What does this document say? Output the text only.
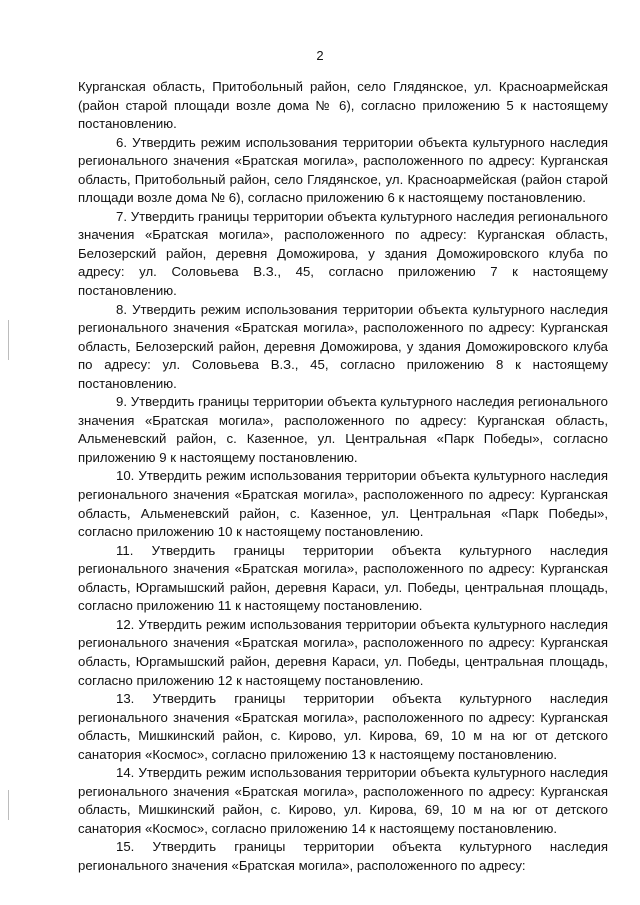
2

Курганская область, Притобольный район, село Глядянское, ул. Красноармейская (район старой площади возле дома № 6), согласно приложению 5 к настоящему постановлению.

6. Утвердить режим использования территории объекта культурного наследия регионального значения «Братская могила», расположенного по адресу: Курганская область, Притобольный район, село Глядянское, ул. Красноармейская (район старой площади возле дома № 6), согласно приложению 6 к настоящему постановлению.

7. Утвердить границы территории объекта культурного наследия регионального значения «Братская могила», расположенного по адресу: Курганская область, Белозерский район, деревня Доможирова, у здания Доможировского клуба по адресу: ул. Соловьева В.З., 45, согласно приложению 7 к настоящему постановлению.

8. Утвердить режим использования территории объекта культурного наследия регионального значения «Братская могила», расположенного по адресу: Курганская область, Белозерский район, деревня Доможирова, у здания Доможировского клуба по адресу: ул. Соловьева В.З., 45, согласно приложению 8 к настоящему постановлению.

9. Утвердить границы территории объекта культурного наследия регионального значения «Братская могила», расположенного по адресу: Курганская область, Альменевский район, с. Казенное, ул. Центральная «Парк Победы», согласно приложению 9 к настоящему постановлению.

10. Утвердить режим использования территории объекта культурного наследия регионального значения «Братская могила», расположенного по адресу: Курганская область, Альменевский район, с. Казенное, ул. Центральная «Парк Победы», согласно приложению 10 к настоящему постановлению.

11. Утвердить границы территории объекта культурного наследия регионального значения «Братская могила», расположенного по адресу: Курганская область, Юргамышский район, деревня Караси, ул. Победы, центральная площадь, согласно приложению 11 к настоящему постановлению.

12. Утвердить режим использования территории объекта культурного наследия регионального значения «Братская могила», расположенного по адресу: Курганская область, Юргамышский район, деревня Караси, ул. Победы, центральная площадь, согласно приложению 12 к настоящему постановлению.

13. Утвердить границы территории объекта культурного наследия регионального значения «Братская могила», расположенного по адресу: Курганская область, Мишкинский район, с. Кирово, ул. Кирова, 69, 10 м на юг от детского санатория «Космос», согласно приложению 13 к настоящему постановлению.

14. Утвердить режим использования территории объекта культурного наследия регионального значения «Братская могила», расположенного по адресу: Курганская область, Мишкинский район, с. Кирово, ул. Кирова, 69, 10 м на юг от детского санатория «Космос», согласно приложению 14 к настоящему постановлению.

15. Утвердить границы территории объекта культурного наследия регионального значения «Братская могила», расположенного по адресу:
